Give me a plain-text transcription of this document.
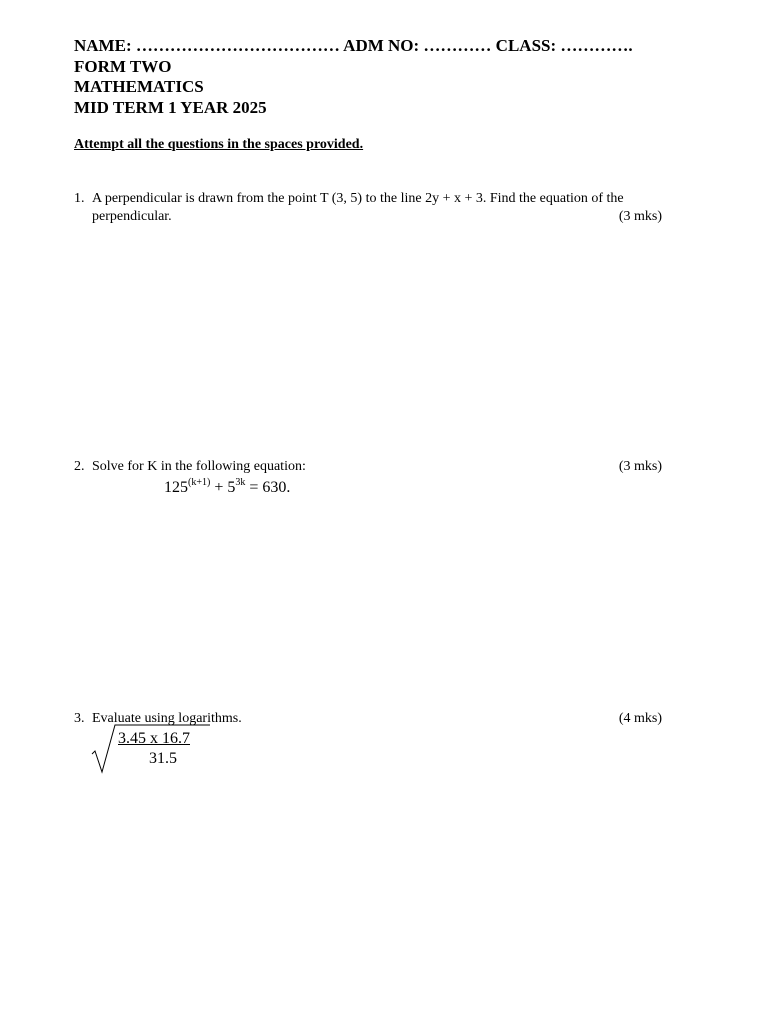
NAME: ……………………………… ADM NO: ………… CLASS: ………….
FORM TWO
MATHEMATICS
MID TERM 1 YEAR 2025
Attempt all the questions in the spaces provided.
1. A perpendicular is drawn from the point T (3, 5) to the line 2y + x + 3. Find the equation of the
perpendicular.	(3 mks)
2. Solve for K in the following equation:	(3 mks)
$125^{(k+1)} + 5^{3k} = 630$.
3. Evaluate using logarithms.	(4 mks)
3.45 x 16.7
31.5
